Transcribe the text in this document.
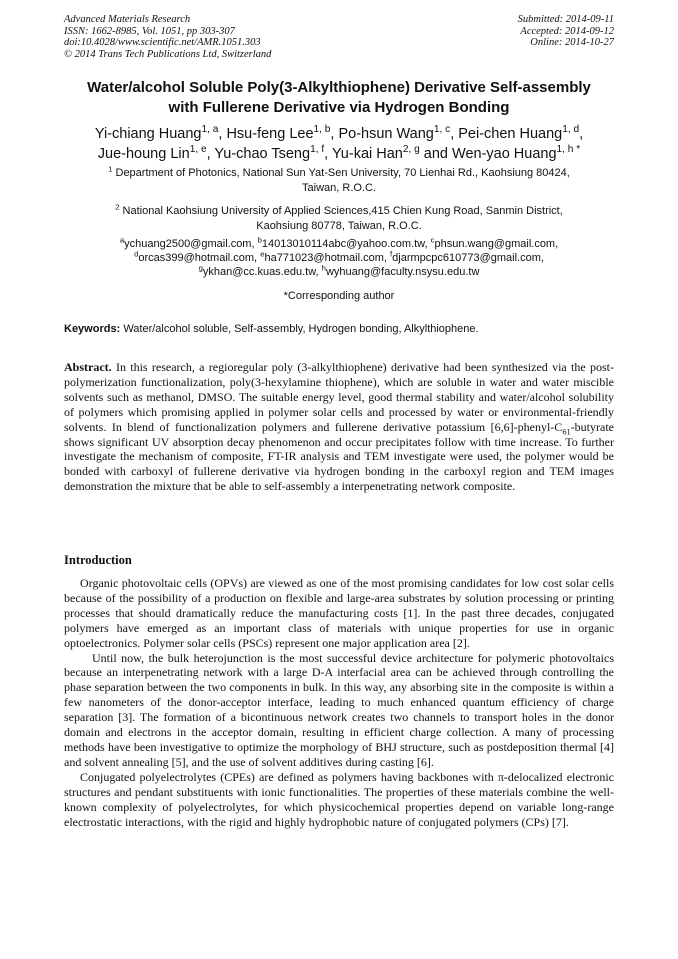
Advanced Materials Research
ISSN: 1662-8985, Vol. 1051, pp 303-307
doi:10.4028/www.scientific.net/AMR.1051.303
© 2014 Trans Tech Publications Ltd, Switzerland
Submitted: 2014-09-11
Accepted: 2014-09-12
Online: 2014-10-27
Water/alcohol Soluble Poly(3-Alkylthiophene) Derivative Self-assembly
with Fullerene Derivative via Hydrogen Bonding
Yi-chiang Huang$^{1, a}$, Hsu-feng Lee$^{1, b}$, Po-hsun Wang$^{1, c}$, Pei-chen Huang$^{1, d}$,
Jue-houng Lin$^{1, e}$, Yu-chao Tseng$^{1, f}$, Yu-kai Han$^{2, g}$ and Wen-yao Huang$^{1, h *}$
$^1$ Department of Photonics, National Sun Yat-Sen University, 70 Lienhai Rd., Kaohsiung 80424,
Taiwan, R.O.C.
$^2$ National Kaohsiung University of Applied Sciences,415 Chien Kung Road, Sanmin District,
Kaohsiung 80778, Taiwan, R.O.C.
$^a$ychuang2500@gmail.com, $^b$14013010114abc@yahoo.com.tw, $^c$phsun.wang@gmail.com,
$^d$orcas399@hotmail.com, $^e$ha771023@hotmail.com, $^f$djarmpcpc610773@gmail.com,
$^g$ykhan@cc.kuas.edu.tw, $^h$wyhuang@faculty.nsysu.edu.tw
*Corresponding author
Keywords: Water/alcohol soluble, Self-assembly, Hydrogen bonding, Alkylthiophene.
Abstract. In this research, a regioregular poly (3-alkylthiophene) derivative had been synthesized via the post-polymerization functionalization, poly(3-hexylamine thiophene), which are soluble in water and water miscible solvents such as methanol, DMSO. The suitable energy level, good thermal stability and water/alcohol solubility of polymers which promising applied in polymer solar cells and processed by water or environmental-friendly solvents. In blend of functionalization polymers and fullerene derivative potassium $[6,6]-phenyl-C_{61}$-butyrate shows significant UV absorption decay phenomenon and occur precipitates follow with time increase. To further investigate the mechanism of composite, FT-IR analysis and TEM investigate were used, the polymer would be bonded with carboxyl of fullerene derivative via hydrogen bonding in the carboxyl region and TEM images demonstration the mixture that be able to self-assembly a interpenetrating network composite.
Introduction

Organic photovoltaic cells (OPVs) are viewed as one of the most promising candidates for low cost solar cells because of the possibility of a production on flexible and large-area substrates by solution processing or printing processes that should dramatically reduce the manufacturing costs [1]. In the past three decades, conjugated polymers have emerged as an important class of materials with unique properties for use in organic optoelectronics. Polymer solar cells (PSCs) represent one major application area [2].

Until now, the bulk heterojunction is the most successful device architecture for polymeric photovoltaics because an interpenetrating network with a large D-A interfacial area can be achieved through controlling the phase separation between the two components in bulk. In this way, any absorbing site in the composite is within a few nanometers of the donor-acceptor interface, leading to much enhanced quantum efficiency of charge separation [3]. The formation of a bicontinuous network creates two channels to transport holes in the donor domain and electrons in the acceptor domain, resulting in efficient charge collection. A many of processing methods have been investigative to optimize the morphology of BHJ structure, such as postdeposition thermal [4] and solvent annealing [5], and the use of solvent additives during casting [6].

Conjugated polyelectrolytes (CPEs) are defined as polymers having backbones with π-delocalized electronic structures and pendant substituents with ionic functionalities. The properties of these materials combine the well-known complexity of polyelectrolytes, for which physicochemical properties depend on variable long-range electrostatic interactions, with the rigid and highly hydrophobic nature of conjugated polymers (CPs) [7].
